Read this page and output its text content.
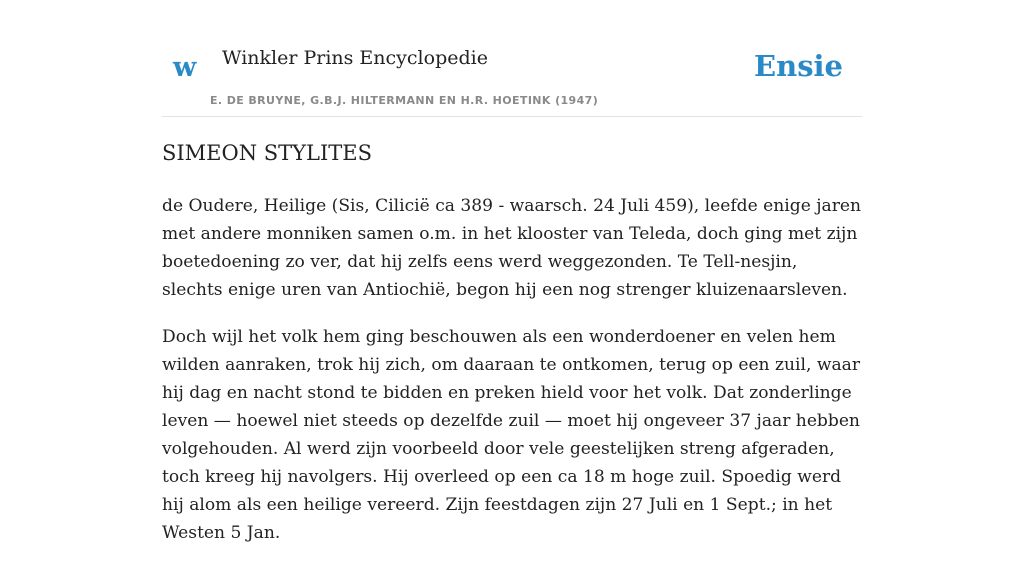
w Winkler Prins Encyclopedie
E. DE BRUYNE, G.B.J. HILTERMANN EN H.R. HOETINK (1947)
Ensie
SIMEON STYLITES

de Oudere, Heilige (Sis, Cilicië ca 389 - waarsch. 24 Juli 459), leefde enige jaren met andere monniken samen o.m. in het klooster van Teleda, doch ging met zijn boetedoening zo ver, dat hij zelfs eens werd weggezonden. Te Tell-nesjin, slechts enige uren van Antiochië, begon hij een nog strenger kluizenaarsleven.

Doch wijl het volk hem ging beschouwen als een wonderdoener en velen hem wilden aanraken, trok hij zich, om daaraan te ontkomen, terug op een zuil, waar hij dag en nacht stond te bidden en preken hield voor het volk. Dat zonderlinge leven — hoewel niet steeds op dezelfde zuil — moet hij ongeveer 37 jaar hebben volgehouden. Al werd zijn voorbeeld door vele geestelijken streng afgeraden, toch kreeg hij navolgers. Hij overleed op een ca 18 m hoge zuil. Spoedig werd hij alom als een heilige vereerd. Zijn feestdagen zijn 27 Juli en 1 Sept.; in het Westen 5 Jan.
